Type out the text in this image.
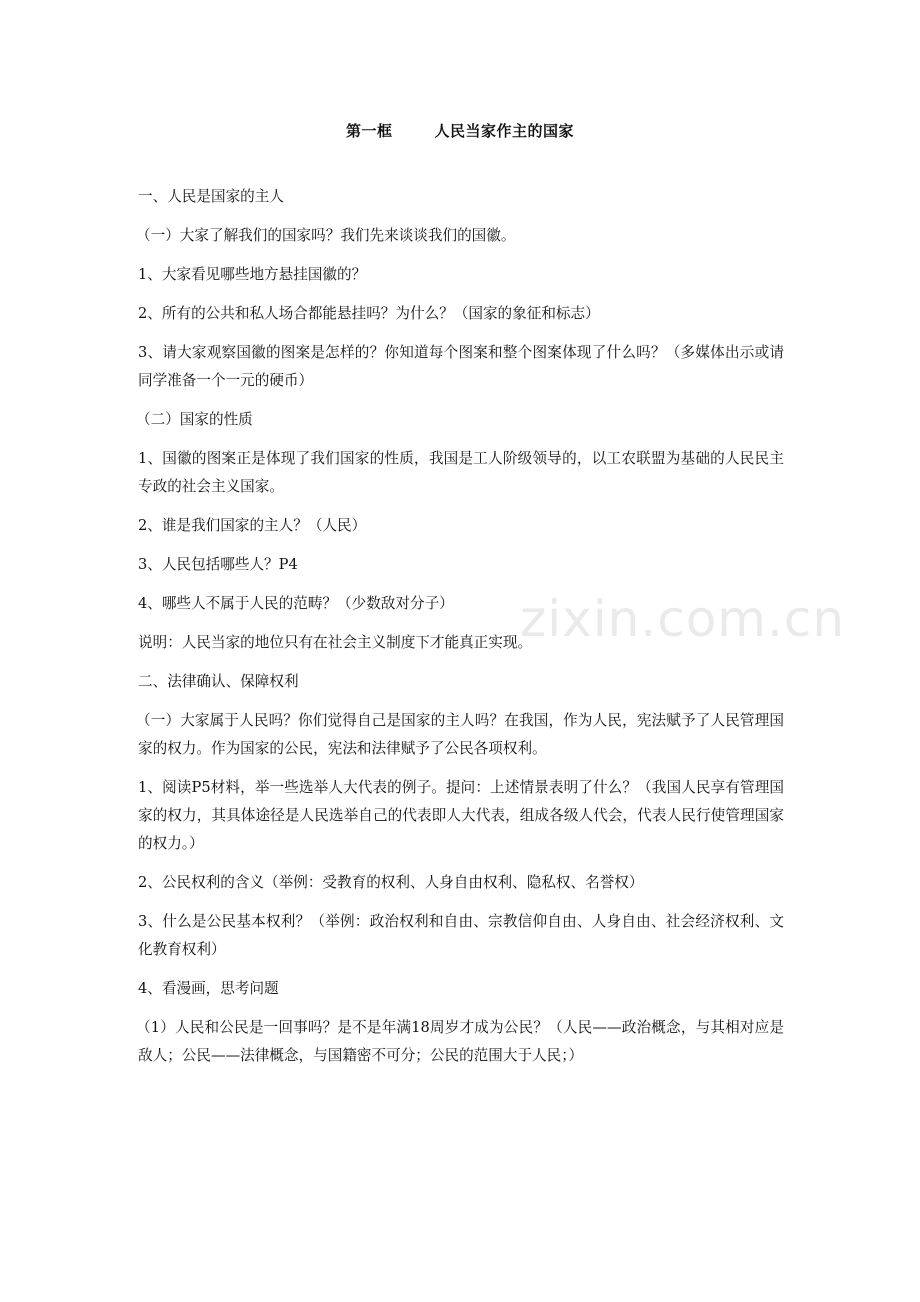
第一框	人民当家作主的国家

一、人民是国家的主人

（一）大家了解我们的国家吗？我们先来谈谈我们的国徽。

1、大家看见哪些地方悬挂国徽的？

2、所有的公共和私人场合都能悬挂吗？为什么？（国家的象征和标志）

3、请大家观察国徽的图案是怎样的？你知道每个图案和整个图案体现了什么吗？（多媒体出示或请同学准备一个一元的硬币）

（二）国家的性质

1、国徽的图案正是体现了我们国家的性质，我国是工人阶级领导的，以工农联盟为基础的人民民主专政的社会主义国家。

2、谁是我们国家的主人？（人民）

3、人民包括哪些人？P4

4、哪些人不属于人民的范畴？（少数敌对分子）

说明：人民当家的地位只有在社会主义制度下才能真正实现。

二、法律确认、保障权利

（一）大家属于人民吗？你们觉得自己是国家的主人吗？在我国，作为人民，宪法赋予了人民管理国家的权力。作为国家的公民，宪法和法律赋予了公民各项权利。

1、阅读P5材料，举一些选举人大代表的例子。提问：上述情景表明了什么？（我国人民享有管理国家的权力，其具体途径是人民选举自己的代表即人大代表，组成各级人代会，代表人民行使管理国家的权力。）

2、公民权利的含义（举例：受教育的权利、人身自由权利、隐私权、名誉权）

3、什么是公民基本权利？（举例：政治权利和自由、宗教信仰自由、人身自由、社会经济权利、文化教育权利）

4、看漫画，思考问题

（1）人民和公民是一回事吗？是不是年满18周岁才成为公民？（人民——政治概念，与其相对应是敌人；公民——法律概念，与国籍密不可分；公民的范围大于人民；）

zixin.com.cn
